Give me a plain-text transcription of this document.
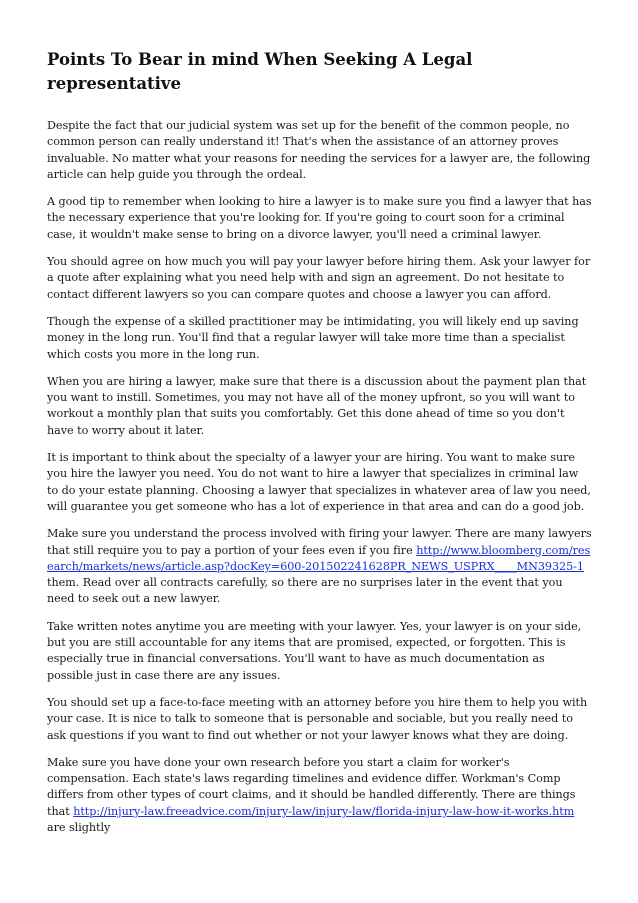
Points To Bear in mind When Seeking A Legal representative

Despite the fact that our judicial system was set up for the benefit of the common people, no common person can really understand it! That's when the assistance of an attorney proves invaluable. No matter what your reasons for needing the services for a lawyer are, the following article can help guide you through the ordeal.

A good tip to remember when looking to hire a lawyer is to make sure you find a lawyer that has the necessary experience that you're looking for. If you're going to court soon for a criminal case, it wouldn't make sense to bring on a divorce lawyer, you'll need a criminal lawyer.

You should agree on how much you will pay your lawyer before hiring them. Ask your lawyer for a quote after explaining what you need help with and sign an agreement. Do not hesitate to contact different lawyers so you can compare quotes and choose a lawyer you can afford.

Though the expense of a skilled practitioner may be intimidating, you will likely end up saving money in the long run. You'll find that a regular lawyer will take more time than a specialist which costs you more in the long run.

When you are hiring a lawyer, make sure that there is a discussion about the payment plan that you want to instill. Sometimes, you may not have all of the money upfront, so you will want to workout a monthly plan that suits you comfortably. Get this done ahead of time so you don't have to worry about it later.

It is important to think about the specialty of a lawyer your are hiring. You want to make sure you hire the lawyer you need. You do not want to hire a lawyer that specializes in criminal law to do your estate planning. Choosing a lawyer that specializes in whatever area of law you need, will guarantee you get someone who has a lot of experience in that area and can do a good job.

Make sure you understand the process involved with firing your lawyer. There are many lawyers that still require you to pay a portion of your fees even if you fire http://www.bloomberg.com/research/markets/news/article.asp?docKey=600-201502241628PR_NEWS_USPRX____MN39325-1 them. Read over all contracts carefully, so there are no surprises later in the event that you need to seek out a new lawyer.

Take written notes anytime you are meeting with your lawyer. Yes, your lawyer is on your side, but you are still accountable for any items that are promised, expected, or forgotten. This is especially true in financial conversations. You'll want to have as much documentation as possible just in case there are any issues.

You should set up a face-to-face meeting with an attorney before you hire them to help you with your case. It is nice to talk to someone that is personable and sociable, but you really need to ask questions if you want to find out whether or not your lawyer knows what they are doing.

Make sure you have done your own research before you start a claim for worker's compensation. Each state's laws regarding timelines and evidence differ. Workman's Comp differs from other types of court claims, and it should be handled differently. There are things that http://injury-law.freeadvice.com/injury-law/injury-law/florida-injury-law-how-it-works.htm are slightly
